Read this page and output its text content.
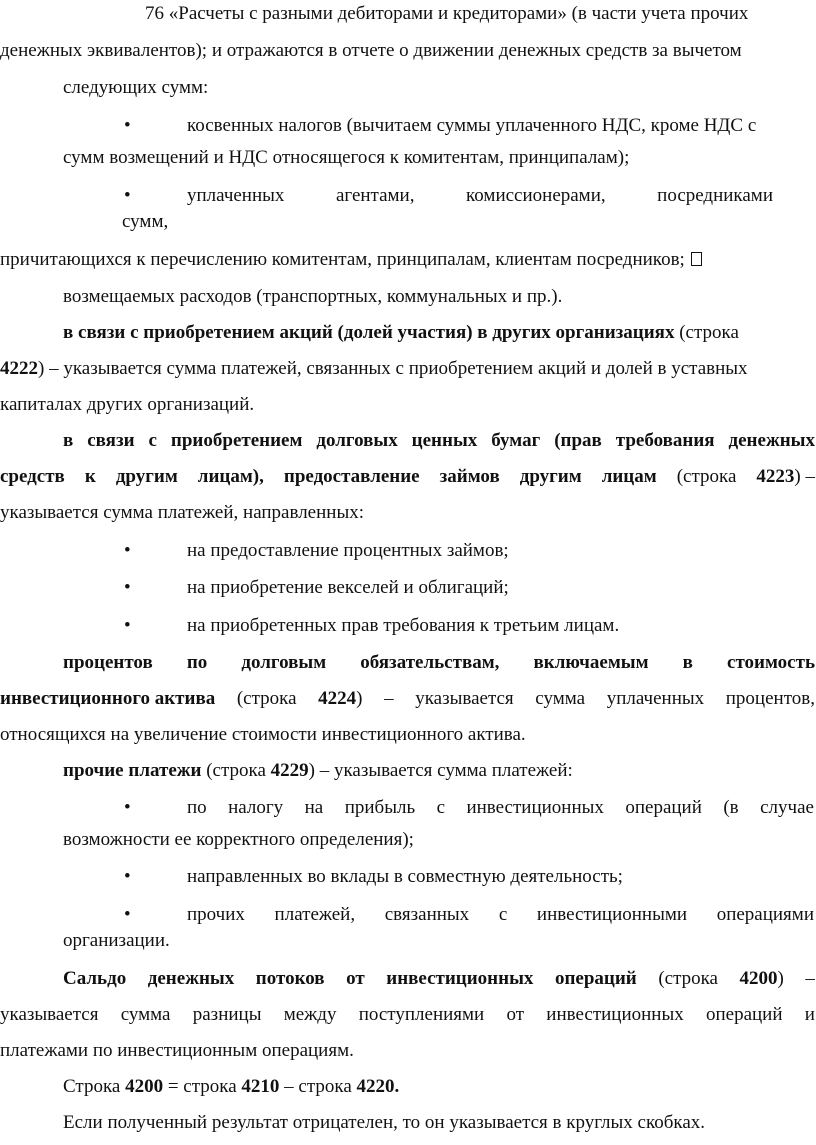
76 «Расчеты с разными дебиторами и кредиторами» (в части учета прочих
денежных эквивалентов); и отражаются в отчете о движении денежных средств за вычетом
следующих сумм:
•	косвенных налогов (вычитаем суммы уплаченного НДС, кроме НДС с
сумм возмещений и НДС относящегося к комитентам, принципалам);
•	уплаченных	агентами,	комиссионерами,	посредниками
сумм,
причитающихся к перечислению комитентам, принципалам, клиентам посредников;
возмещаемых расходов (транспортных, коммунальных и пр.).
в связи с приобретением акций (долей участия) в других организациях (строка
4222) – указывается сумма платежей, связанных с приобретением акций и долей в уставных
капиталах других организаций.
в связи с приобретением долговых ценных бумаг (прав требования денежных
средств к другим лицам), предоставление займов другим лицам (строка 4223) –
указывается сумма платежей, направленных:
•	на предоставление процентных займов;
•	на приобретение векселей и облигаций;
•	на приобретенных прав требования к третьим лицам.
процентов по долговым обязательствам, включаемым в стоимость
инвестиционного актива (строка 4224) – указывается сумма уплаченных процентов,
относящихся на увеличение стоимости инвестиционного актива.
прочие платежи (строка 4229) – указывается сумма платежей:
•	по налогу на прибыль с инвестиционных операций (в случае
возможности ее корректного определения);
•	направленных во вклады в совместную деятельность;
•	прочих платежей, связанных с инвестиционными операциями
организации.
Сальдо денежных потоков от инвестиционных операций (строка 4200) –
указывается сумма разницы между поступлениями от инвестиционных операций и
платежами по инвестиционным операциям.
Строка 4200 = строка 4210 – строка 4220.
Если полученный результат отрицателен, то он указывается в круглых скобках.
